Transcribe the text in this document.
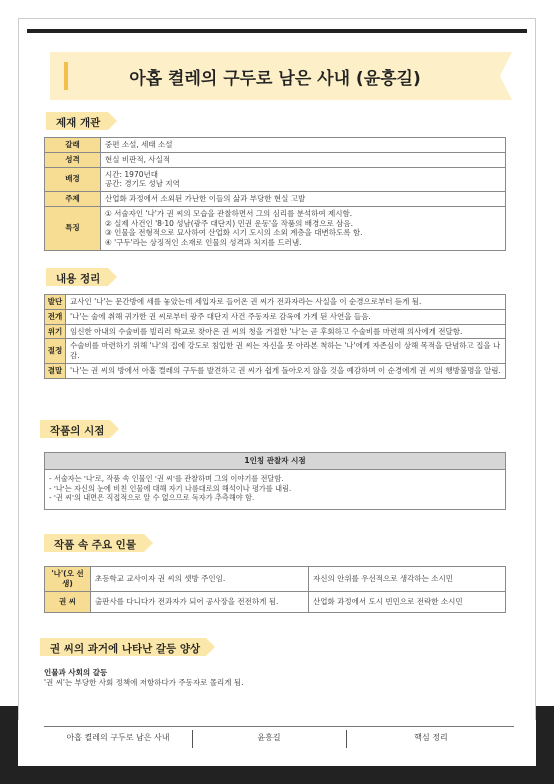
아홉 켤레의 구두로 남은 사내 (윤흥길)
제재 개관
갈래	중편 소설, 세태 소설

성격	현실 비판적, 사실적

배경	시간: 1970년대
공간: 경기도 성남 지역

주제	산업화 과정에서 소외된 가난한 이들의 삶과 부당한 현실 고발

특징	① 서술자인 '나'가 권 씨의 모습을 관찰하면서 그의 심리를 분석하여 제시함.
② 실제 사건인 '8·10 성남(광주 대단지) 민권 운동'을 작품의 배경으로 삼음.
③ 인물을 전형적으로 묘사하여 산업화 시기 도시의 소외 계층을 대변하도록 함.
④ '구두'라는 상징적인 소재로 인물의 성격과 처지를 드러냄.
내용 정리
발단	교사인 '나'는 문간방에 세를 놓았는데 세입자로 들어온 권 씨가 전과자라는 사실을 이 순경으로부터 듣게 됨.
전개	'나'는 술에 취해 귀가한 권 씨로부터 광주 대단지 사건 주동자로 감옥에 가게 된 사연을 들음.
위기	임신한 아내의 수술비를 빌리러 학교로 찾아온 권 씨의 청을 거절한 '나'는 곧 후회하고 수술비를 마련해 의사에게 전달함.
절정	수술비를 마련하기 위해 '나'의 집에 강도로 침입한 권 씨는 자신을 못 아라본 척하는 '나'에게 자존심이 상해 목적을 단념하고 집을 나감.
결말	'나'는 권 씨의 방에서 아홉 켤레의 구두를 발견하고 권 씨가 쉽게 돌아오지 않을 것을 예감하며 이 순경에게 권 씨의 행방불명을 알림.
작품의 시점
1인칭 관찰자 시점
- 서술자는 '나'로, 작품 속 인물인 '권 씨'를 관찰하며 그의 이야기를 전달함.
- '나'는 자신의 눈에 비친 인물에 대해 자기 나름대로의 해석이나 평가를 내림.
- '권 씨'의 내면은 직접적으로 알 수 없으므로 독자가 추측해야 함.
작품 속 주요 인물
'나'(오 선생)	초등학교 교사이자 권 씨의 셋방 주인임.	자신의 안위를 우선적으로 생각하는 소시민
권 씨	출판사를 다니다가 전과자가 되어 공사장을 전전하게 됨.	산업화 과정에서 도시 빈민으로 전락한 소시민
권 씨의 과거에 나타난 갈등 양상
인물과 사회의 갈등
'권 씨'는 부당한 사회 정책에 저항하다가 주동자로 몰리게 됨.
아홉 켤레의 구두로 남은 사내	윤흥길	핵심 정리
